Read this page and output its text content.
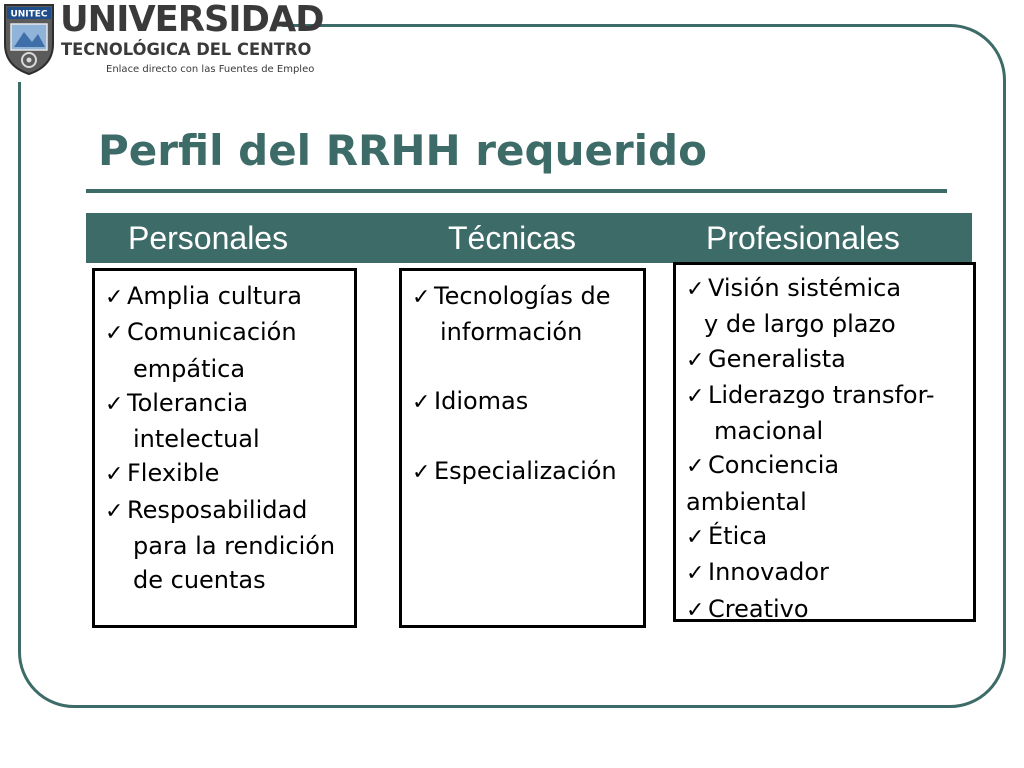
UNITEC UNIVERSIDAD
TECNOLÓGICA DEL CENTRO
Enlace directo con las Fuentes de Empleo
Perfil del RRHH requerido
Personales	Técnicas	Profesionales
✓ Amplia cultura
✓ Comunicación
empática
✓ Tolerancia
intelectual
✓ Flexible
✓ Resposabilidad
para la rendición
de cuentas
✓ Tecnologías de
información
✓ Idiomas
✓ Especialización
✓ Visión sistémica
y de largo plazo
✓ Generalista
✓ Liderazgo transfor-
macional
✓ Conciencia
ambiental
✓ Ética
✓ Innovador
✓ Creativo
